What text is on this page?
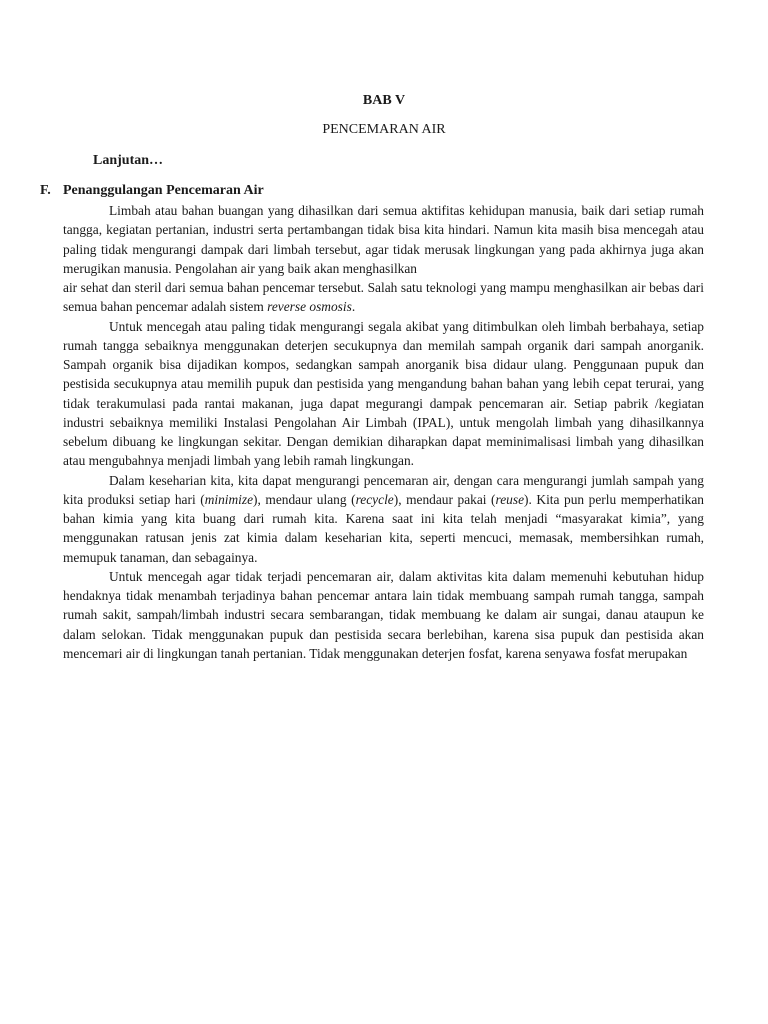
BAB V
PENCEMARAN AIR
Lanjutan…
F. Penanggulangan Pencemaran Air

Limbah atau bahan buangan yang dihasilkan dari semua aktifitas kehidupan manusia, baik dari setiap rumah tangga, kegiatan pertanian, industri serta pertambangan tidak bisa kita hindari. Namun kita masih bisa mencegah atau paling tidak mengurangi dampak dari limbah tersebut, agar tidak merusak lingkungan yang pada akhirnya juga akan merugikan manusia. Pengolahan air yang baik akan menghasilkan

air sehat dan steril dari semua bahan pencemar tersebut. Salah satu teknologi yang mampu menghasilkan air bebas dari semua bahan pencemar adalah sistem reverse osmosis.

Untuk mencegah atau paling tidak mengurangi segala akibat yang ditimbulkan oleh limbah berbahaya, setiap rumah tangga sebaiknya menggunakan deterjen secukupnya dan memilah sampah organik dari sampah anorganik. Sampah organik bisa dijadikan kompos, sedangkan sampah anorganik bisa didaur ulang. Penggunaan pupuk dan pestisida secukupnya atau memilih pupuk dan pestisida yang mengandung bahan bahan yang lebih cepat terurai, yang tidak terakumulasi pada rantai makanan, juga dapat megurangi dampak pencemaran air. Setiap pabrik /kegiatan industri sebaiknya memiliki Instalasi Pengolahan Air Limbah (IPAL), untuk mengolah limbah yang dihasilkannya sebelum dibuang ke lingkungan sekitar. Dengan demikian diharapkan dapat meminimalisasi limbah yang dihasilkan atau mengubahnya menjadi limbah yang lebih ramah lingkungan.

Dalam keseharian kita, kita dapat mengurangi pencemaran air, dengan cara mengurangi jumlah sampah yang kita produksi setiap hari (minimize), mendaur ulang (recycle), mendaur pakai (reuse). Kita pun perlu memperhatikan bahan kimia yang kita buang dari rumah kita. Karena saat ini kita telah menjadi “masyarakat kimia”, yang menggunakan ratusan jenis zat kimia dalam keseharian kita, seperti mencuci, memasak, membersihkan rumah, memupuk tanaman, dan sebagainya.

Untuk mencegah agar tidak terjadi pencemaran air, dalam aktivitas kita dalam memenuhi kebutuhan hidup hendaknya tidak menambah terjadinya bahan pencemar antara lain tidak membuang sampah rumah tangga, sampah rumah sakit, sampah/limbah industri secara sembarangan, tidak membuang ke dalam air sungai, danau ataupun ke dalam selokan. Tidak menggunakan pupuk dan pestisida secara berlebihan, karena sisa pupuk dan pestisida akan mencemari air di lingkungan tanah pertanian. Tidak menggunakan deterjen fosfat, karena senyawa fosfat merupakan
